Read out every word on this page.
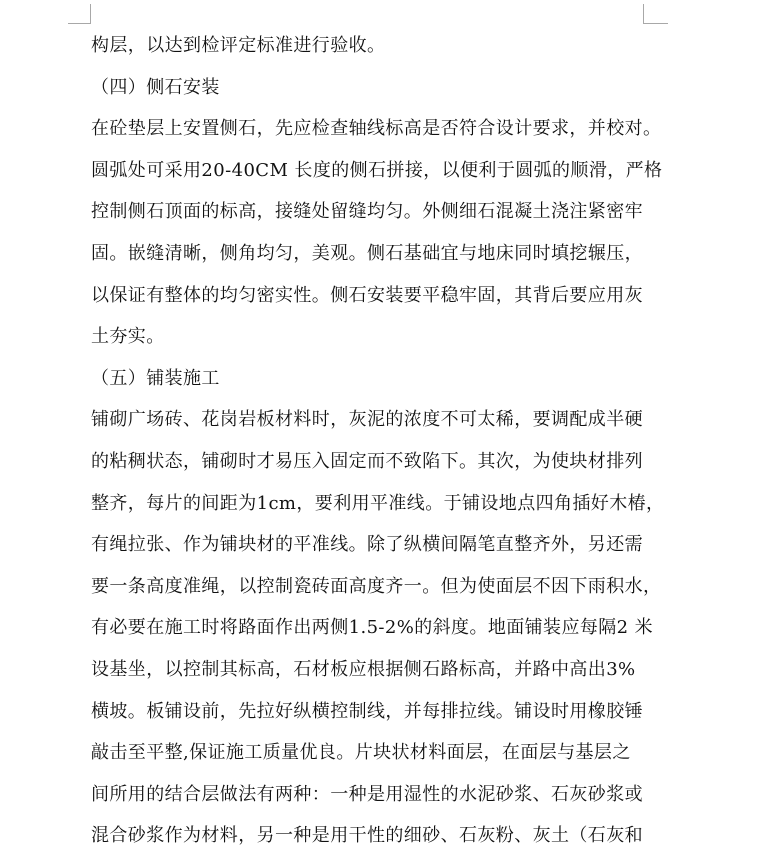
构层，以达到检评定标准进行验收。
（四）侧石安装
在砼垫层上安置侧石，先应检查轴线标高是否符合设计要求，并校对。
圆弧处可采用20-40CM 长度的侧石拼接，以便利于圆弧的顺滑，严格
控制侧石顶面的标高，接缝处留缝均匀。外侧细石混凝土浇注紧密牢
固。嵌缝清晰，侧角均匀，美观。侧石基础宜与地床同时填挖辗压，
以保证有整体的均匀密实性。侧石安装要平稳牢固，其背后要应用灰
土夯实。
（五）铺装施工
铺砌广场砖、花岗岩板材料时，灰泥的浓度不可太稀，要调配成半硬
的粘稠状态，铺砌时才易压入固定而不致陷下。其次，为使块材排列
整齐，每片的间距为1cm，要利用平准线。于铺设地点四角插好木椿，
有绳拉张、作为铺块材的平准线。除了纵横间隔笔直整齐外，另还需
要一条高度准绳，以控制瓷砖面高度齐一。但为使面层不因下雨积水，
有必要在施工时将路面作出两侧1.5-2%的斜度。地面铺装应每隔2 米
设基坐，以控制其标高，石材板应根据侧石路标高，并路中高出3%
横坡。板铺设前，先拉好纵横控制线，并每排拉线。铺设时用橡胶锤
敲击至平整,保证施工质量优良。片块状材料面层，在面层与基层之
间所用的结合层做法有两种：一种是用湿性的水泥砂浆、石灰砂浆或
混合砂浆作为材料，另一种是用干性的细砂、石灰粉、灰土（石灰和
